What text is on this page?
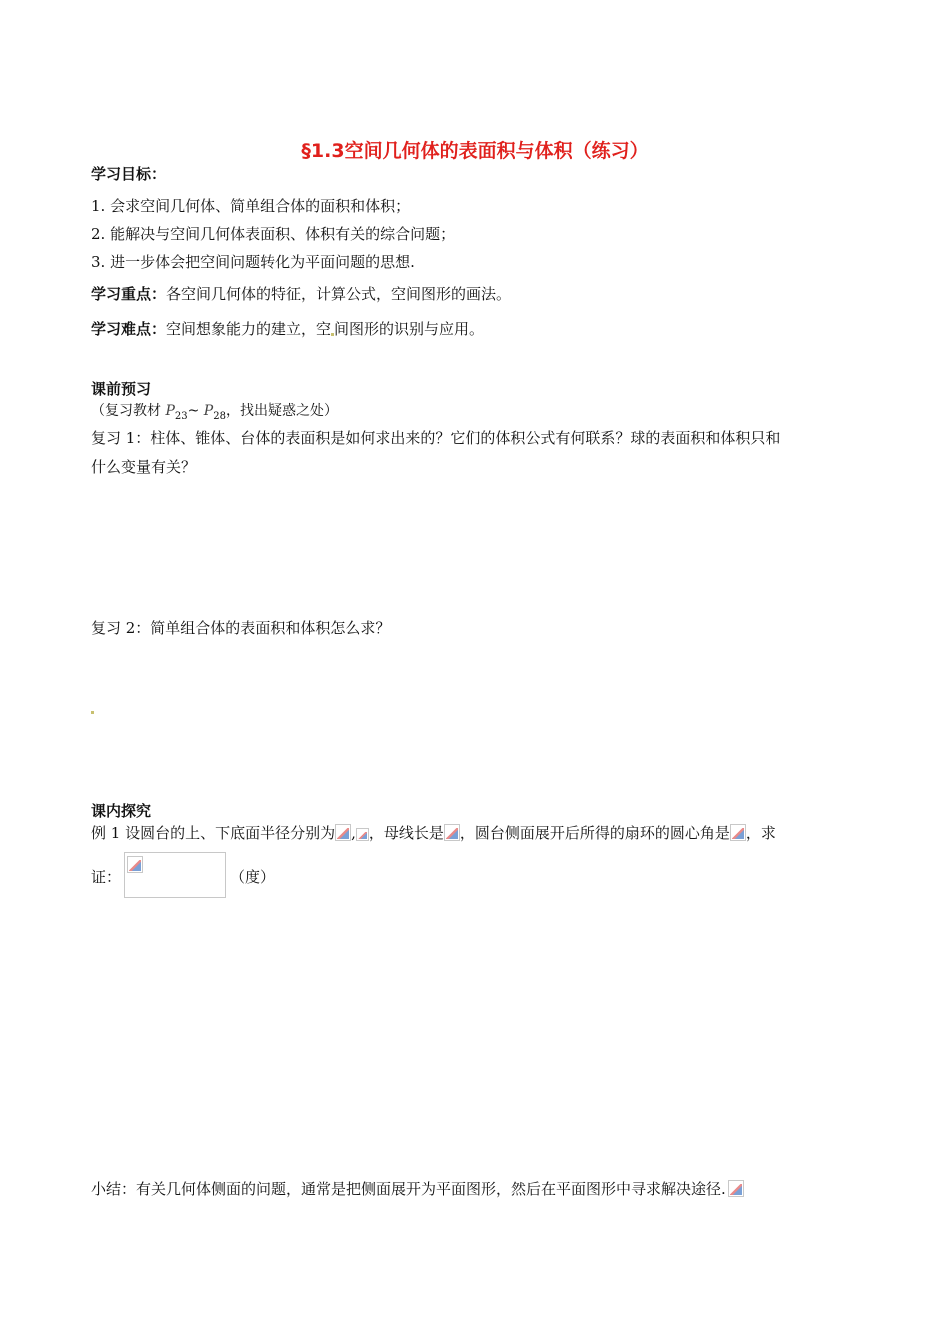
§1.3空间几何体的表面积与体积（练习）
学习目标：
1. 会求空间几何体、简单组合体的面积和体积；
2. 能解决与空间几何体表面积、体积有关的综合问题；
3. 进一步体会把空间问题转化为平面问题的思想.
学习重点：各空间几何体的特征，计算公式，空间图形的画法。
学习难点：空间想象能力的建立，空 间图形的识别与应用。
课前预习
（复习教材 $P_{23}\sim$ $P_{28}$，找出疑惑之处）
复习 1：柱体、锥体、台体的表面积是如何求出来的？它们的体积公式有何联系？球的表面积和体积只和
什么变量有关？
复习 2：简单组合体的表面积和体积怎么求？
课内探究
例 1 设圆台的上、下底面半径分别为 , ，母线长是 ，圆台侧面展开后所得的扇环的圆心角是 ，求
证：	（度）
小结：有关几何体侧面的问题，通常是把侧面展开为平面图形，然后在平面图形中寻求解决途径.
